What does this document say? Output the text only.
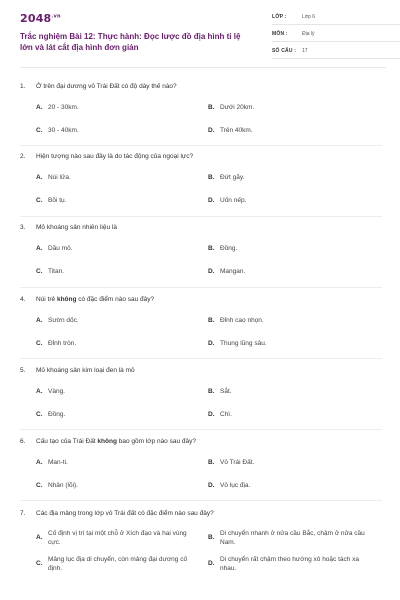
$2048^{.vn}$
Trắc nghiệm Bài 12: Thực hành: Đọc lược đồ địa hình tỉ lệ lớn và lát cắt địa hình đơn giản
LỚP :	Lớp 6
MÔN :	Địa lý
SỐ CÂU :	17
1.	Ở trên đại dương vỏ Trái Đất có độ dày thế nào?
A. 20 - 30km.	B. Dưới 20km.
C. 30 - 40km.	D. Trên 40km.
2.	Hiện tượng nào sau đây là do tác động của ngoại lực?
A. Núi lửa.	B. Đứt gãy.
C. Bồi tụ.	D. Uốn nếp.
3.	Mỏ khoáng sản nhiên liệu là
A. Dầu mỏ.	B. Đồng.
C. Titan.	D. Mangan.
4.	Núi trẻ không có đặc điểm nào sau đây?
A. Sườn dốc.	B. Đỉnh cao nhọn.
C. Đỉnh tròn.	D. Thung lũng sâu.
5.	Mỏ khoáng sản kim loại đen là mỏ
A. Vàng.	B. Sắt.
C. Đồng.	D. Chì.
6.	Cấu tạo của Trái Đất không bao gồm lớp nào sau đây?
A. Man-ti.	B. Vỏ Trái Đất.
C. Nhân (lõi).	D. Vỏ lục địa.
7.	Các địa mảng trong lớp vỏ Trái đất có đặc điểm nào sau đây?
A.
Cố định vị trí tại một chỗ ở Xích đạo và hai vùng cực.
B.
Di chuyển nhanh ở nửa cầu Bắc, chậm ở nửa cầu Nam.
C.
Mảng lục địa di chuyển, còn mảng đại dương cố định.
D.
Di chuyển rất chậm theo hướng xô hoặc tách xa nhau.
